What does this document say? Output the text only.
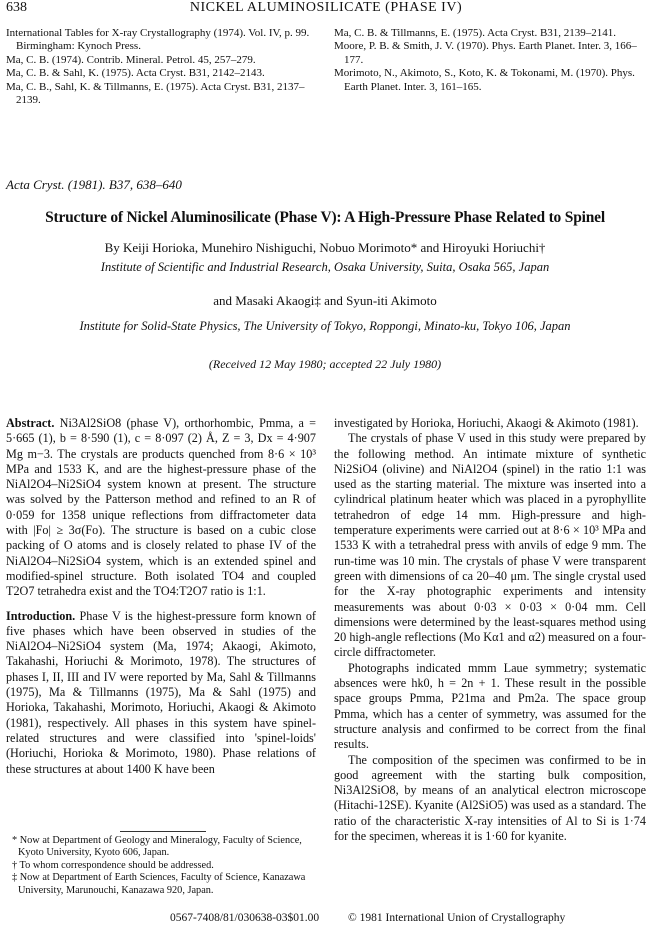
638	NICKEL ALUMINOSILICATE (PHASE IV)

International Tables for X-ray Crystallography (1974). Vol. IV, p. 99. Birmingham: Kynoch Press.

Ma, C. B. (1974). Contrib. Mineral. Petrol. 45, 257–279.

Ma, C. B. & Sahl, K. (1975). Acta Cryst. B31, 2142–2143.

Ma, C. B., Sahl, K. & Tillmanns, E. (1975). Acta Cryst. B31, 2137–2139.

Ma, C. B. & Tillmanns, E. (1975). Acta Cryst. B31, 2139–2141.

Moore, P. B. & Smith, J. V. (1970). Phys. Earth Planet. Inter. 3, 166–177.

Morimoto, N., Akimoto, S., Koto, K. & Tokonami, M. (1970). Phys. Earth Planet. Inter. 3, 161–165.

Acta Cryst. (1981). B37, 638–640
Structure of Nickel Aluminosilicate (Phase V): A High-Pressure Phase Related to Spinel
By Keiji Horioka, Munehiro Nishiguchi, Nobuo Morimoto* and Hiroyuki Horiuchi†
Institute of Scientific and Industrial Research, Osaka University, Suita, Osaka 565, Japan
and Masaki Akaogi‡ and Syun-iti Akimoto
Institute for Solid-State Physics, The University of Tokyo, Roppongi, Minato-ku, Tokyo 106, Japan
(Received 12 May 1980; accepted 22 July 1980)

Abstract. Ni3Al2SiO8 (phase V), orthorhombic, Pmma, a = 5·665 (1), b = 8·590 (1), c = 8·097 (2) Å, Z = 3, Dx = 4·907 Mg m−3. The crystals are products quenched from 8·6 × 10³ MPa and 1533 K, and are the highest-pressure phase of the NiAl2O4–Ni2SiO4 system known at present. The structure was solved by the Patterson method and refined to an R of 0·059 for 1358 unique reflections from diffractometer data with |Fo| ≥ 3σ(Fo). The structure is based on a cubic close packing of O atoms and is closely related to phase IV of the NiAl2O4–Ni2SiO4 system, which is an extended spinel and modified-spinel structure. Both isolated TO4 and coupled T2O7 tetrahedra exist and the TO4:T2O7 ratio is 1:1.

Introduction. Phase V is the highest-pressure form known of five phases which have been observed in studies of the NiAl2O4–Ni2SiO4 system (Ma, 1974; Akaogi, Akimoto, Takahashi, Horiuchi & Morimoto, 1978). The structures of phases I, II, III and IV were reported by Ma, Sahl & Tillmanns (1975), Ma & Tillmanns (1975), Ma & Sahl (1975) and Horioka, Takahashi, Morimoto, Horiuchi, Akaogi & Akimoto (1981), respectively. All phases in this system have spinel-related structures and were classified into 'spinel-loids' (Horiuchi, Horioka & Morimoto, 1980). Phase relations of these structures at about 1400 K have been

* Now at Department of Geology and Mineralogy, Faculty of Science, Kyoto University, Kyoto 606, Japan.

† To whom correspondence should be addressed.

‡ Now at Department of Earth Sciences, Faculty of Science, Kanazawa University, Marunouchi, Kanazawa 920, Japan.

investigated by Horioka, Horiuchi, Akaogi & Akimoto (1981).

The crystals of phase V used in this study were prepared by the following method. An intimate mixture of synthetic Ni2SiO4 (olivine) and NiAl2O4 (spinel) in the ratio 1:1 was used as the starting material. The mixture was inserted into a cylindrical platinum heater which was placed in a pyrophyllite tetrahedron of edge 14 mm. High-pressure and high-temperature experiments were carried out at 8·6 × 10³ MPa and 1533 K with a tetrahedral press with anvils of edge 9 mm. The run-time was 10 min. The crystals of phase V were transparent green with dimensions of ca 20–40 μm. The single crystal used for the X-ray photographic experiments and intensity measurements was about 0·03 × 0·03 × 0·04 mm. Cell dimensions were determined by the least-squares method using 20 high-angle reflections (Mo Kα1 and α2) measured on a four-circle diffractometer.

Photographs indicated mmm Laue symmetry; systematic absences were hk0, h = 2n + 1. These result in the possible space groups Pmma, P21ma and Pm2a. The space group Pmma, which has a center of symmetry, was assumed for the structure analysis and confirmed to be correct from the final results.

The composition of the specimen was confirmed to be in good agreement with the starting bulk composition, Ni3Al2SiO8, by means of an analytical electron microscope (Hitachi-12SE). Kyanite (Al2SiO5) was used as a standard. The ratio of the characteristic X-ray intensities of Al to Si is 1·74 for the specimen, whereas it is 1·60 for kyanite.

0567-7408/81/030638-03$01.00	© 1981 International Union of Crystallography
